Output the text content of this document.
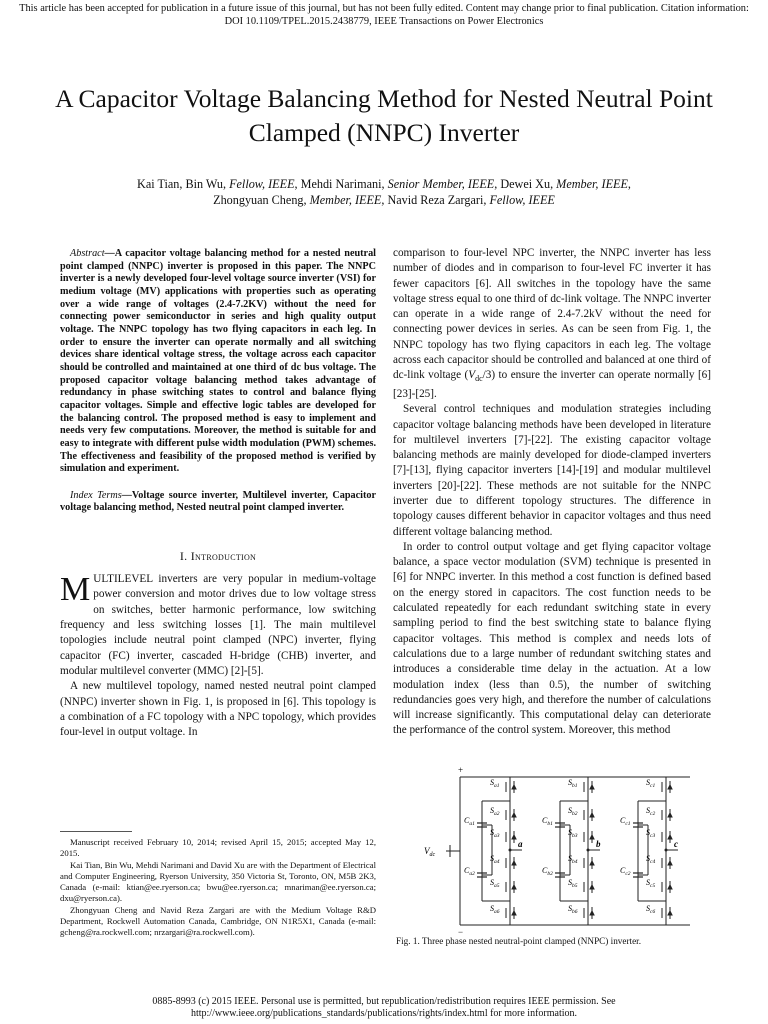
This article has been accepted for publication in a future issue of this journal, but has not been fully edited. Content may change prior to final publication. Citation information: DOI 10.1109/TPEL.2015.2438779, IEEE Transactions on Power Electronics
A Capacitor Voltage Balancing Method for Nested Neutral Point Clamped (NNPC) Inverter
Kai Tian, Bin Wu, Fellow, IEEE, Mehdi Narimani, Senior Member, IEEE, Dewei Xu, Member, IEEE,
Zhongyuan Cheng, Member, IEEE, Navid Reza Zargari, Fellow, IEEE

Abstract—A capacitor voltage balancing method for a nested neutral point clamped (NNPC) inverter is proposed in this paper. The NNPC inverter is a newly developed four-level voltage source inverter (VSI) for medium voltage (MV) applications with properties such as operating over a wide range of voltages (2.4-7.2KV) without the need for connecting power semiconductor in series and high quality output voltage. The NNPC topology has two flying capacitors in each leg. In order to ensure the inverter can operate normally and all switching devices share identical voltage stress, the voltage across each capacitor should be controlled and maintained at one third of dc bus voltage. The proposed capacitor voltage balancing method takes advantage of redundancy in phase switching states to control and balance flying capacitor voltages. Simple and effective logic tables are developed for the balancing control. The proposed method is easy to implement and needs very few computations. Moreover, the method is suitable for and easy to integrate with different pulse width modulation (PWM) schemes. The effectiveness and feasibility of the proposed method is verified by simulation and experiment.

Index Terms—Voltage source inverter, Multilevel inverter, Capacitor voltage balancing method, Nested neutral point clamped inverter.

I. Introduction

MULTILEVEL inverters are very popular in medium-voltage power conversion and motor drives due to low voltage stress on switches, better harmonic performance, low switching frequency and less switching losses [1]. The main multilevel topologies include neutral point clamped (NPC) inverter, flying capacitor (FC) inverter, cascaded H-bridge (CHB) inverter, and modular multilevel converter (MMC) [2]-[5].

A new multilevel topology, named nested neutral point clamped (NNPC) inverter shown in Fig. 1, is proposed in [6]. This topology is a combination of a FC topology with a NPC topology, which provides four-level in output voltage. In

Manuscript received February 10, 2014; revised April 15, 2015; accepted May 12, 2015.

Kai Tian, Bin Wu, Mehdi Narimani and David Xu are with the Department of Electrical and Computer Engineering, Ryerson University, 350 Victoria St, Toronto, ON, M5B 2K3, Canada (e-mail: ktian@ee.ryerson.ca; bwu@ee.ryerson.ca; mnariman@ee.ryerson.ca; dxu@ryerson.ca).

Zhongyuan Cheng and Navid Reza Zargari are with the Medium Voltage R&D Department, Rockwell Automation Canada, Cambridge, ON N1R5X1, Canada (e-mail: gcheng@ra.rockwell.com; nrzargari@ra.rockwell.com).

comparison to four-level NPC inverter, the NNPC inverter has less number of diodes and in comparison to four-level FC inverter it has fewer capacitors [6]. All switches in the topology have the same voltage stress equal to one third of dc-link voltage. The NNPC inverter can operate in a wide range of 2.4-7.2kV without the need for connecting power devices in series. As can be seen from Fig. 1, the NNPC topology has two flying capacitors in each leg. The voltage across each capacitor should be controlled and balanced at one third of dc-link voltage $(V_{dc}/3)$ to ensure the inverter can operate normally [6][23]-[25].

Several control techniques and modulation strategies including capacitor voltage balancing methods have been developed in literature for multilevel inverters [7]-[22]. The existing capacitor voltage balancing methods are mainly developed for diode-clamped inverters [7]-[13], flying capacitor inverters [14]-[19] and modular multilevel inverters [20]-[22]. These methods are not suitable for the NNPC inverter due to different topology structures. The difference in topology causes different behavior in capacitor voltages and thus need different voltage balancing method.

In order to control output voltage and get flying capacitor voltage balance, a space vector modulation (SVM) technique is presented in [6] for NNPC inverter. In this method a cost function is defined based on the energy stored in capacitors. The cost function needs to be calculated repeatedly for each redundant switching state in every sampling period to find the best switching state to balance flying capacitor voltages. This method is complex and needs lots of calculations due to a large number of redundant switching states and introduces a considerable time delay in the actuation. At a low modulation index (less than 0.5), the number of switching redundancies goes very high, and therefore the number of calculations will increase significantly. This computational delay can deteriorate the performance of the control system. Moreover, this method

+
−
$V_{dc}$
a
$S_{a1}$
$S_{a2}$
$S_{a3}$
$S_{a4}$
$S_{a5}$
$S_{a6}$
$C_{a1}$
$C_{a2}$
b
$S_{b1}$
$S_{b2}$
$S_{b3}$
$S_{b4}$
$S_{b5}$
$S_{b6}$
$C_{b1}$
$C_{b2}$
c
$S_{c1}$
$S_{c2}$
$S_{c3}$
$S_{c4}$
$S_{c5}$
$S_{c6}$
$C_{c1}$
$C_{c2}$
Fig. 1. Three phase nested neutral-point clamped (NNPC) inverter.
0885-8993 (c) 2015 IEEE. Personal use is permitted, but republication/redistribution requires IEEE permission. See http://www.ieee.org/publications_standards/publications/rights/index.html for more information.
